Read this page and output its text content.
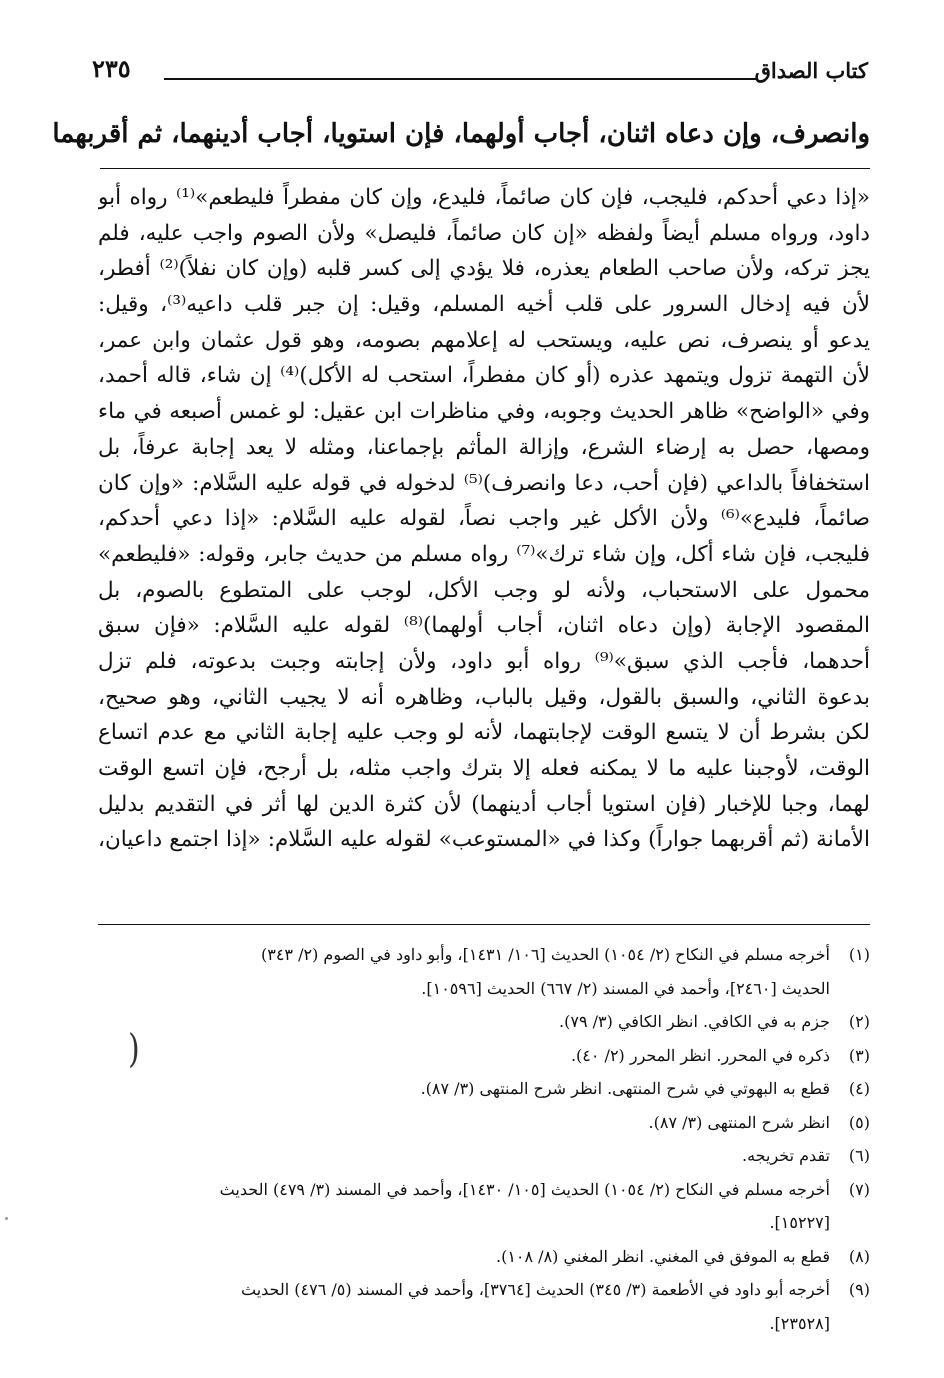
كتاب الصداق
٢٣٥
وانصرف، وإن دعاه اثنان، أجاب أولهما، فإن استويا، أجاب أدينهما، ثم أقربهما
«إذا دعي أحدكم، فليجب، فإن كان صائماً، فليدع، وإن كان مفطراً فليطعم»⁽¹⁾ رواه أبو
داود، ورواه مسلم أيضاً ولفظه «إن كان صائماً، فليصل» ولأن الصوم واجب عليه، فلم
يجز تركه، ولأن صاحب الطعام يعذره، فلا يؤدي إلى كسر قلبه (وإن كان نفلاً)⁽²⁾ أفطر،
لأن فيه إدخال السرور على قلب أخيه المسلم، وقيل: إن جبر قلب داعيه⁽³⁾، وقيل:
يدعو أو ينصرف، نص عليه، ويستحب له إعلامهم بصومه، وهو قول عثمان وابن عمر،
لأن التهمة تزول ويتمهد عذره (أو كان مفطراً، استحب له الأكل)⁽⁴⁾ إن شاء، قاله أحمد،
وفي «الواضح» ظاهر الحديث وجوبه، وفي مناظرات ابن عقيل: لو غمس أصبعه في ماء
ومصها، حصل به إرضاء الشرع، وإزالة المأثم بإجماعنا، ومثله لا يعد إجابة عرفاً، بل
استخفافاً بالداعي (فإن أحب، دعا وانصرف)⁽⁵⁾ لدخوله في قوله عليه السَّلام: «وإن كان
صائماً، فليدع»⁽⁶⁾ ولأن الأكل غير واجب نصاً، لقوله عليه السَّلام: «إذا دعي أحدكم،
فليجب، فإن شاء أكل، وإن شاء ترك»⁽⁷⁾ رواه مسلم من حديث جابر، وقوله: «فليطعم»
محمول على الاستحباب، ولأنه لو وجب الأكل، لوجب على المتطوع بالصوم، بل
المقصود الإجابة (وإن دعاه اثنان، أجاب أولهما)⁽⁸⁾ لقوله عليه السَّلام: «فإن سبق
أحدهما، فأجب الذي سبق»⁽⁹⁾ رواه أبو داود، ولأن إجابته وجبت بدعوته، فلم تزل
بدعوة الثاني، والسبق بالقول، وقيل بالباب، وظاهره أنه لا يجيب الثاني، وهو صحيح،
لكن بشرط أن لا يتسع الوقت لإجابتهما، لأنه لو وجب عليه إجابة الثاني مع عدم اتساع
الوقت، لأوجبنا عليه ما لا يمكنه فعله إلا بترك واجب مثله، بل أرجح، فإن اتسع الوقت
لهما، وجبا للإخبار (فإن استويا أجاب أدينهما) لأن كثرة الدين لها أثر في التقديم بدليل
الأمانة (ثم أقربهما جواراً) وكذا في «المستوعب» لقوله عليه السَّلام: «إذا اجتمع داعيان،
(١)أخرجه مسلم في النكاح (٢/ ١٠٥٤) الحديث [١٠٦/ ١٤٣١]، وأبو داود في الصوم (٢/ ٣٤٣)
الحديث [٢٤٦٠]، وأحمد في المسند (٢/ ٦٦٧) الحديث [١٠٥٩٦].
(٢)جزم به في الكافي. انظر الكافي (٣/ ٧٩).
(٣)ذكره في المحرر. انظر المحرر (٢/ ٤٠).
(٤)قطع به البهوتي في شرح المنتهى. انظر شرح المنتهى (٣/ ٨٧).
(٥)انظر شرح المنتهى (٣/ ٨٧).
(٦)تقدم تخريجه.
(٧)أخرجه مسلم في النكاح (٢/ ١٠٥٤) الحديث [١٠٥/ ١٤٣٠]، وأحمد في المسند (٣/ ٤٧٩) الحديث
[١٥٢٢٧].
(٨)قطع به الموفق في المغني. انظر المغني (٨/ ١٠٨).
(٩)أخرجه أبو داود في الأطعمة (٣/ ٣٤٥) الحديث [٣٧٦٤]، وأحمد في المسند (٥/ ٤٧٦) الحديث
[٢٣٥٢٨].
)
